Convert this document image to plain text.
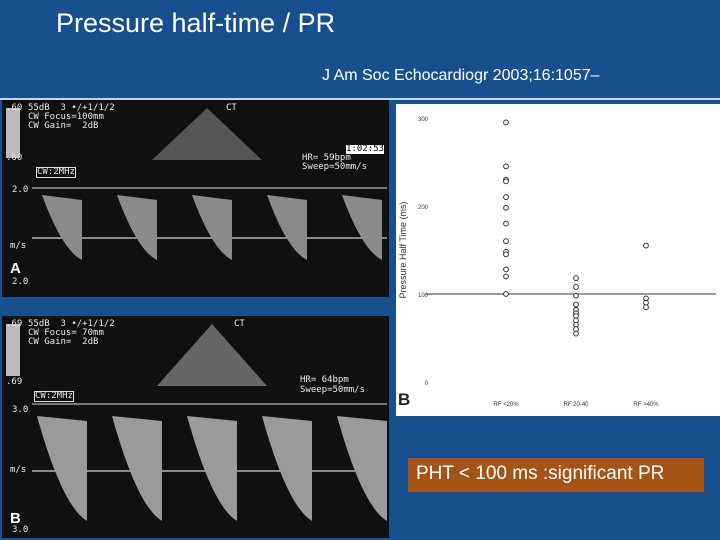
Pressure half-time / PR
J Am Soc Echocardiogr 2003;16:1057–
.60
.60
55dB  3 •/+1/1/2
CW Focus=100mm
CW Gain=  2dB
CT
1:02:53
HR= 59bpm
Sweep=50mm/s
CW:2MHz
2.0
m/s
2.0
A
.69
.69
55dB  3 •/+1/1/2
CW Focus= 70mm
CW Gain=  2dB
CT
HR= 64bpm
Sweep=50mm/s
CW:2MHz
3.0
m/s
3.0
B
300
200
100
0
Pressure Half Time (ms)
RF <20%	RF 20-40	RF >40%
B
PHT < 100 ms :significant PR
